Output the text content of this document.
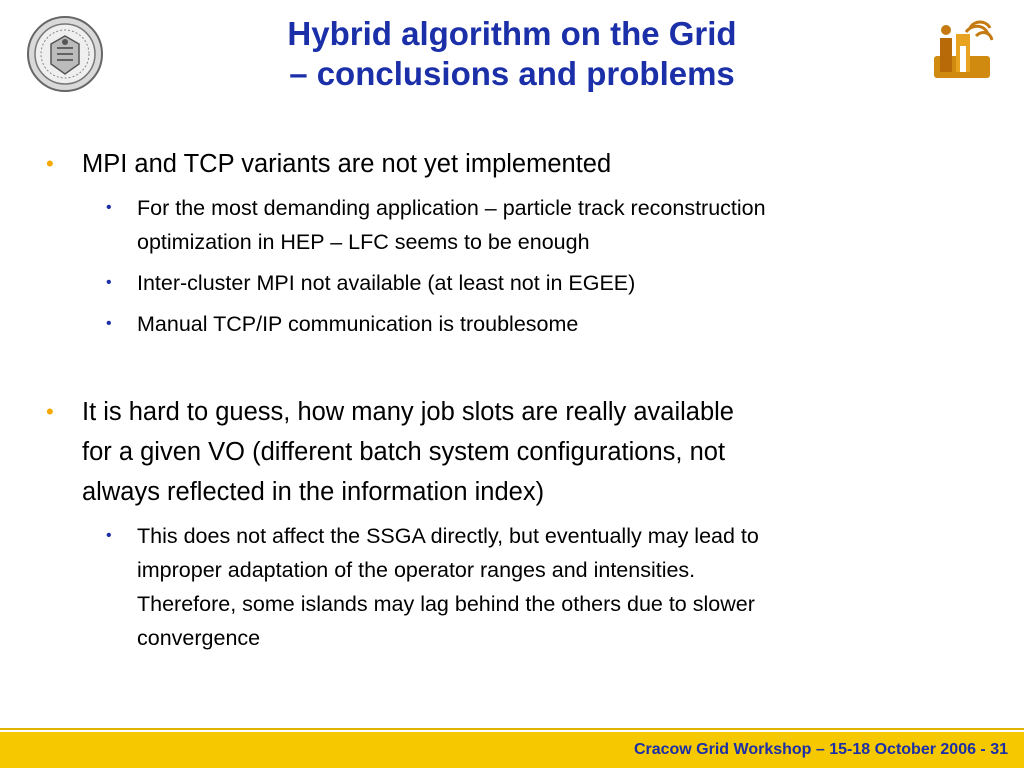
Hybrid algorithm on the Grid
– conclusions and problems
• MPI and TCP variants are not yet implemented
• For the most demanding application – particle track reconstruction
optimization in HEP – LFC seems to be enough
• Inter-cluster MPI not available (at least not in EGEE)
• Manual TCP/IP communication is troublesome
• It is hard to guess, how many job slots are really available
for a given VO (different batch system configurations, not
always reflected in the information index)
• This does not affect the SSGA directly, but eventually may lead to
improper adaptation of the operator ranges and intensities.
Therefore, some islands may lag behind the others due to slower
convergence
Cracow Grid Workshop – 15-18 October 2006 - 31
